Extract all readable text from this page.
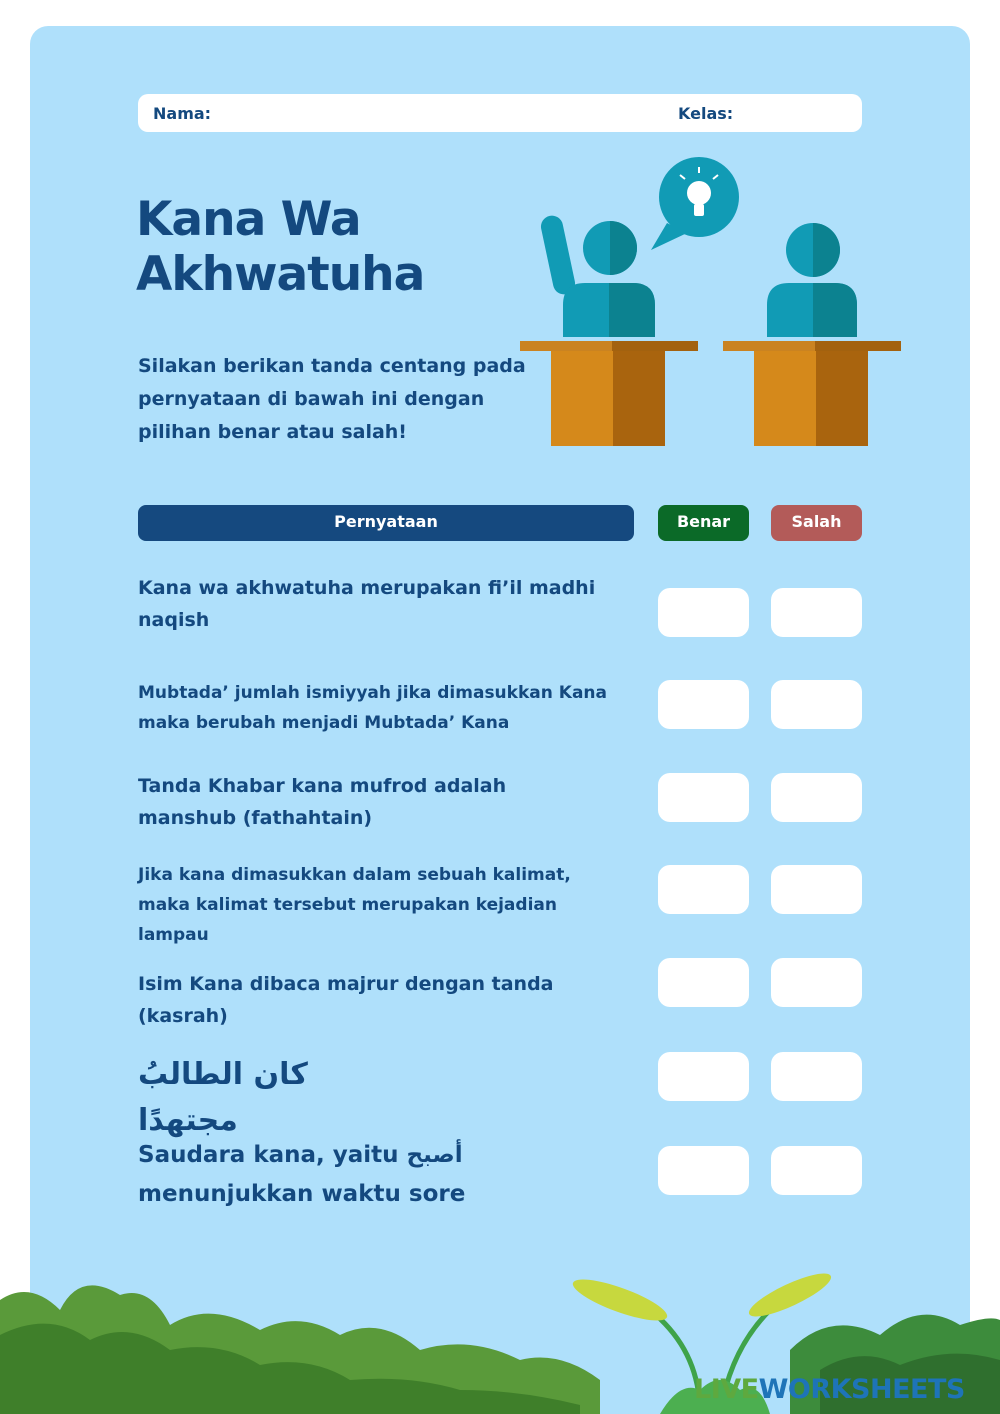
Nama:	Kelas:
Kana Wa
Akhwatuha

Silakan berikan tanda centang pada pernyataan di bawah ini dengan pilihan benar atau salah!

Pernyataan	Benar	Salah

Kana wa akhwatuha merupakan fi’il madhi naqish

Mubtada’ jumlah ismiyyah jika dimasukkan Kana maka berubah menjadi Mubtada’ Kana

Tanda Khabar kana mufrod adalah manshub (fathahtain)

Jika kana dimasukkan dalam sebuah kalimat, maka kalimat tersebut merupakan kejadian lampau

Isim Kana dibaca majrur dengan tanda (kasrah)

كان الطالبُ مجتهدًا

Saudara kana, yaitu أصبح menunjukkan waktu sore

LIVEWORKSHEETS
